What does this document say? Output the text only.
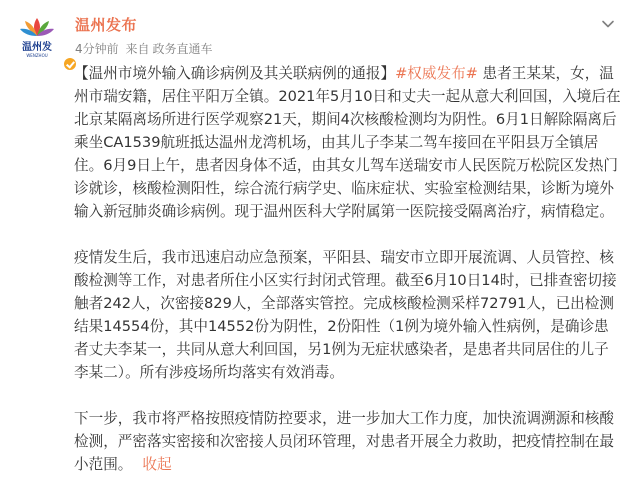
温州发
WENZHOU
温州发布
4分钟前 来自 政务直通车

【温州市境外输入确诊病例及其关联病例的通报】#权威发布# 患者王某某，女，温州市瑞安籍，居住平阳万全镇。2021年5月10日和丈夫一起从意大利回国，入境后在北京某隔离场所进行医学观察21天，期间4次核酸检测均为阴性。6月1日解除隔离后乘坐CA1539航班抵达温州龙湾机场，由其儿子李某二驾车接回在平阳县万全镇居住。6月9日上午，患者因身体不适，由其女儿驾车送瑞安市人民医院万松院区发热门诊就诊，核酸检测阳性，综合流行病学史、临床症状、实验室检测结果，诊断为境外输入新冠肺炎确诊病例。现于温州医科大学附属第一医院接受隔离治疗，病情稳定。

疫情发生后，我市迅速启动应急预案，平阳县、瑞安市立即开展流调、人员管控、核酸检测等工作，对患者所住小区实行封闭式管理。截至6月10日14时，已排查密切接触者242人，次密接829人，全部落实管控。完成核酸检测采样72791人，已出检测结果14554份，其中14552份为阴性，2份阳性（1例为境外输入性病例，是确诊患者丈夫李某一，共同从意大利回国，另1例为无症状感染者，是患者共同居住的儿子李某二）。所有涉疫场所均落实有效消毒。

下一步，我市将严格按照疫情防控要求，进一步加大工作力度，加快流调溯源和核酸检测，严密落实密接和次密接人员闭环管理，对患者开展全力救助，把疫情控制在最小范围。 收起
